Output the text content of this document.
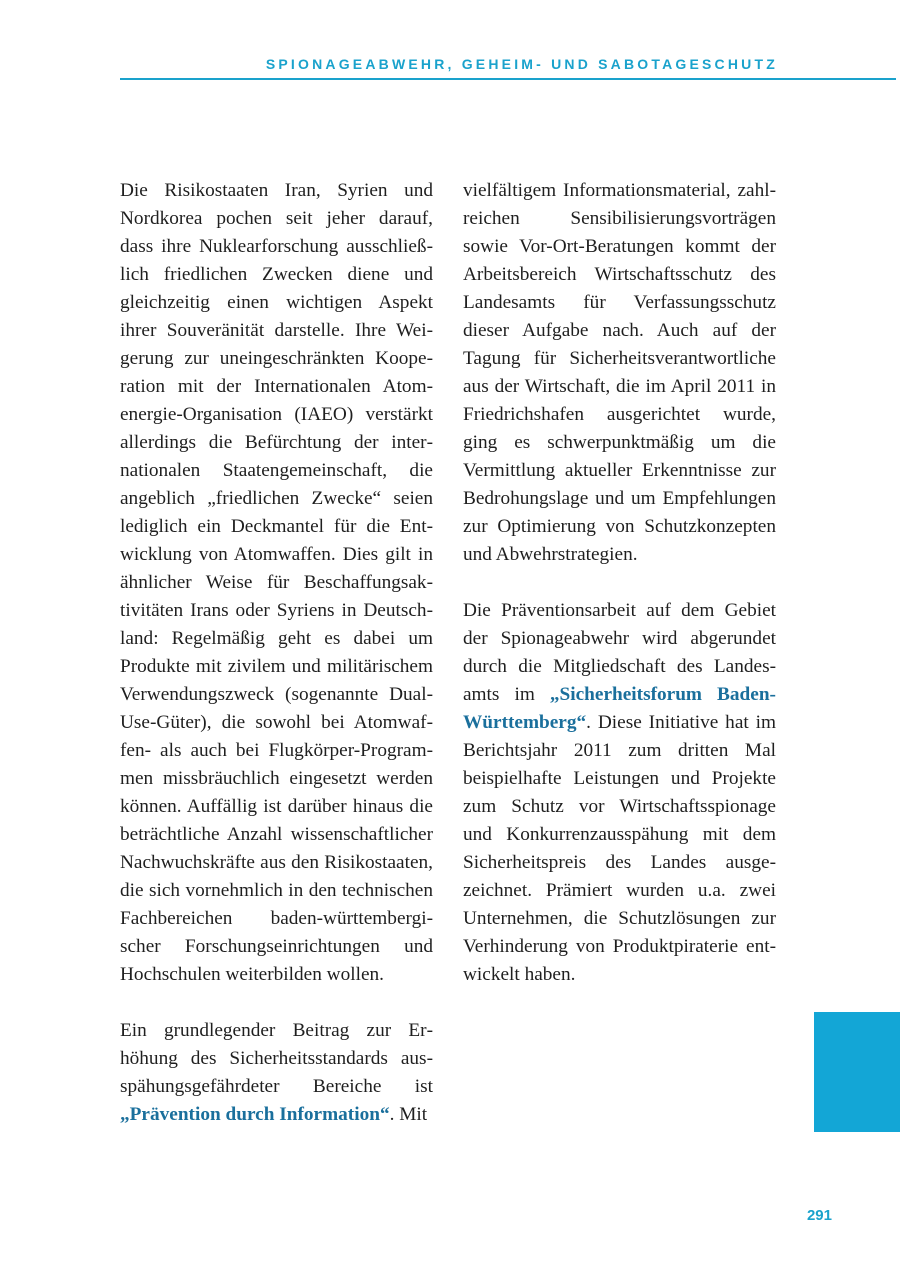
SPIONAGEABWEHR, GEHEIM- UND SABOTAGESCHUTZ

Die Risikostaaten Iran, Syrien und Nordkorea pochen seit jeher darauf, dass ihre Nuklearforschung ausschließlich friedlichen Zwecken diene und gleichzeitig einen wichtigen Aspekt ihrer Souveränität darstelle. Ihre Weigerung zur uneingeschränkten Kooperation mit der Internationalen Atomenergie-Organisation (IAEO) verstärkt allerdings die Befürchtung der internationalen Staatengemeinschaft, die angeblich „friedlichen Zwecke“ seien lediglich ein Deckmantel für die Entwicklung von Atomwaffen. Dies gilt in ähnlicher Weise für Beschaffungsaktivitäten Irans oder Syriens in Deutschland: Regelmäßig geht es dabei um Produkte mit zivilem und militärischem Verwendungszweck (sogenannte Dual-Use-Güter), die sowohl bei Atomwaffen- als auch bei Flugkörper-Programmen missbräuchlich eingesetzt werden können. Auffällig ist darüber hinaus die beträchtliche Anzahl wissenschaftlicher Nachwuchskräfte aus den Risikostaaten, die sich vornehmlich in den technischen Fachbereichen baden-württembergischer Forschungseinrichtungen und Hochschulen weiterbilden wollen.

Ein grundlegender Beitrag zur Erhöhung des Sicherheitsstandards ausspähungsgefährdeter Bereiche ist „Prävention durch Information“. Mit

vielfältigem Informationsmaterial, zahlreichen Sensibilisierungsvorträgen sowie Vor-Ort-Beratungen kommt der Arbeitsbereich Wirtschaftsschutz des Landesamts für Verfassungsschutz dieser Aufgabe nach. Auch auf der Tagung für Sicherheitsverantwortliche aus der Wirtschaft, die im April 2011 in Friedrichshafen ausgerichtet wurde, ging es schwerpunktmäßig um die Vermittlung aktueller Erkenntnisse zur Bedrohungslage und um Empfehlungen zur Optimierung von Schutzkonzepten und Abwehrstrategien.

Die Präventionsarbeit auf dem Gebiet der Spionageabwehr wird abgerundet durch die Mitgliedschaft des Landesamts im „Sicherheitsforum Baden-Württemberg“. Diese Initiative hat im Berichtsjahr 2011 zum dritten Mal beispielhafte Leistungen und Projekte zum Schutz vor Wirtschaftsspionage und Konkurrenzausspähung mit dem Sicherheitspreis des Landes ausgezeichnet. Prämiert wurden u.a. zwei Unternehmen, die Schutzlösungen zur Verhinderung von Produktpiraterie entwickelt haben.

291
